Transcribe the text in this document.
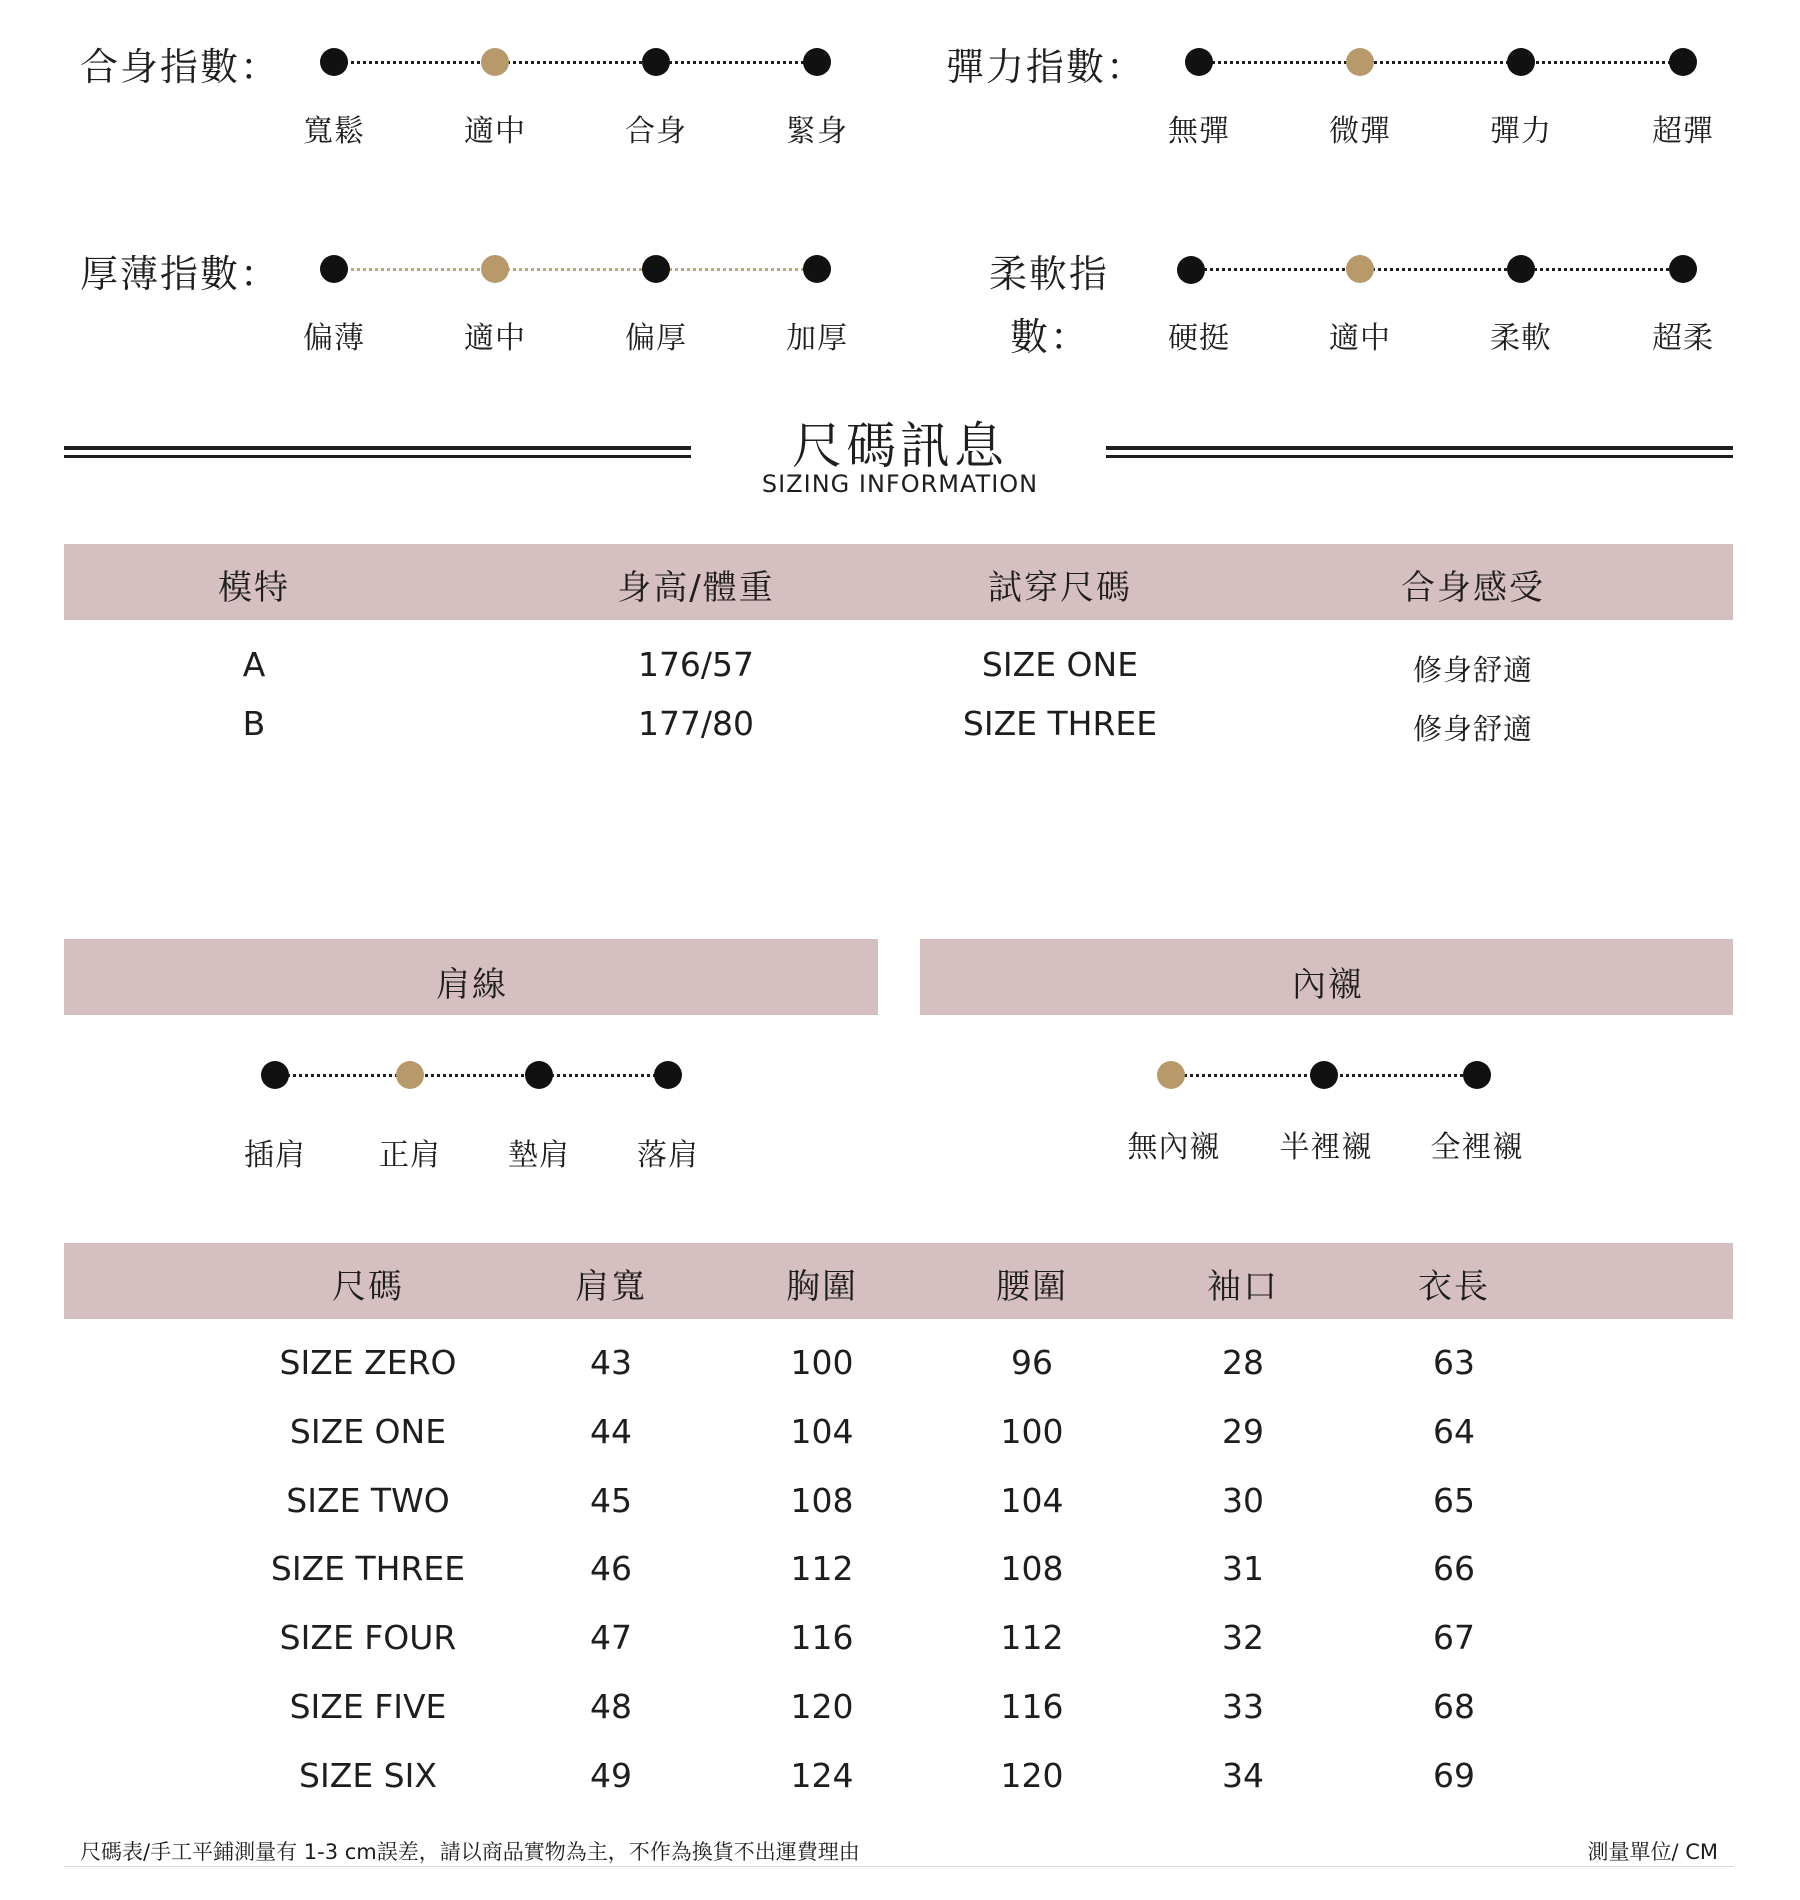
合身指數：
寬鬆	適中	合身	緊身
彈力指數：
無彈	微彈	彈力	超彈
厚薄指數：
偏薄	適中	偏厚	加厚
柔軟指
數：	硬挺	適中	柔軟	超柔
尺碼訊息
SIZING INFORMATION
模特	身高/體重	試穿尺碼	合身感受
A	176/57	SIZE ONE	修身舒適
B	177/80	SIZE THREE	修身舒適
肩線	內襯
插肩 正肩 墊肩 落肩	無內襯 半裡襯 全裡襯
尺碼	肩寬	胸圍	腰圍	袖口	衣長
SIZE ZERO	43	100	96	28	63
SIZE ONE	44	104	100	29	64
SIZE TWO	45	108	104	30	65
SIZE THREE	46	112	108	31	66
SIZE FOUR	47	116	112	32	67
SIZE FIVE	48	120	116	33	68
SIZE SIX	49	124	120	34	69
尺碼表/手工平鋪測量有 1-3 cm誤差，請以商品實物為主，不作為換貨不出運費理由	測量單位/ CM
